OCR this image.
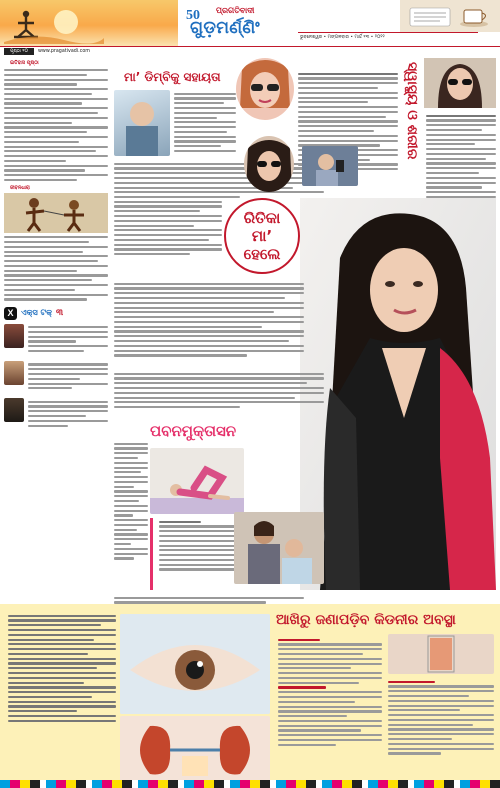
50	ପ୍ରଗତିବାଦୀ
ଗୁଡ଼ମର୍ଣ୍ଣିଂ	ଭୁବନେଶ୍ୱର • ମଙ୍ଗଳବାର • ମାର୍ଚ୍ଚ ୧୩ • ୨୦୨୨
ପୃଷ୍ଠା ୧୦	www.pragativadi.com
ଇତିହାସ ପୃଷ୍ଠା
ଜୀବନଧାରା
X ଏକ୍ସ ଟକ୍ ୩
ମା’ ଡିମ୍ବିକୁ ସହାୟତା	ସ୍ୱାସ୍ଥ୍ୟ ଓ ଶରୀର
ରିତିକା ମା’ ହେଲେ
ପବନମୁକ୍ତାସନ
ଆଖିରୁ ଜଣାପଡ଼ିବ କିଡନୀର ଅବସ୍ଥା
